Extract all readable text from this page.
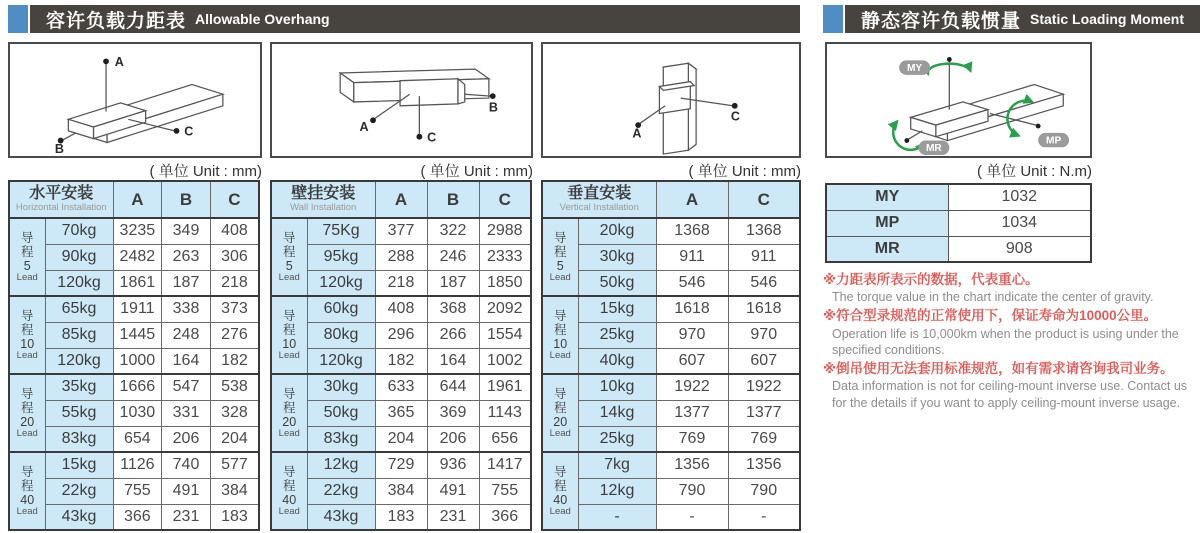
容许负载力距表 Allowable Overhang	静态容许负载惯量 Static Loading Moment
A
B
C
B
A
C	A
C
MY
MP
MR
( 单位 Unit : mm)	( 单位 Unit : mm)	( 单位 Unit : mm)	( 单位 Unit : N.m)
水平安装
Horizontal Installation		A	B	C

导
程
5
Lead	70kg	3235	349	408
	90kg	2482	263	306
	120kg	1861	187	218

导
程
10
Lead	65kg	1911	338	373
	85kg	1445	248	276
	120kg	1000	164	182

导
程
20
Lead	35kg	1666	547	538
	55kg	1030	331	328
	83kg	654	206	204

导
程
40
Lead	15kg	1126	740	577
	22kg	755	491	384
	43kg	366	231	183
壁挂安装
Wall Installation		A	B	C

导
程
5
Lead	75Kg	377	322	2988
	95kg	288	246	2333
	120kg	218	187	1850

导
程
10
Lead	60kg	408	368	2092
	80kg	296	266	1554
	120kg	182	164	1002

导
程
20
Lead	30kg	633	644	1961
	50kg	365	369	1143
	83kg	204	206	656

导
程
40
Lead	12kg	729	936	1417
	22kg	384	491	755
	43kg	183	231	366
垂直安装
Vertical Installation		A	C

导
程
5
Lead	20kg	1368	1368
	30kg	911	911
	50kg	546	546

导
程
10
Lead	15kg	1618	1618
	25kg	970	970
	40kg	607	607

导
程
20
Lead	10kg	1922	1922
	14kg	1377	1377
	25kg	769	769

导
程
40
Lead	7kg	1356	1356
	12kg	790	790
	-	-	-
MY	1032
MP	1034
MR	908
※力距表所表示的数据，代表重心。
The torque value in the chart indicate the center of gravity.
※符合型录规范的正常使用下，保证寿命为10000公里。
Operation life is 10,000km when the product is using under the specified conditions.
※倒吊使用无法套用标准规范，如有需求请咨询我司业务。
Data information is not for ceiling-mount inverse use. Contact us for the details if you want to apply ceiling-mount inverse usage.
